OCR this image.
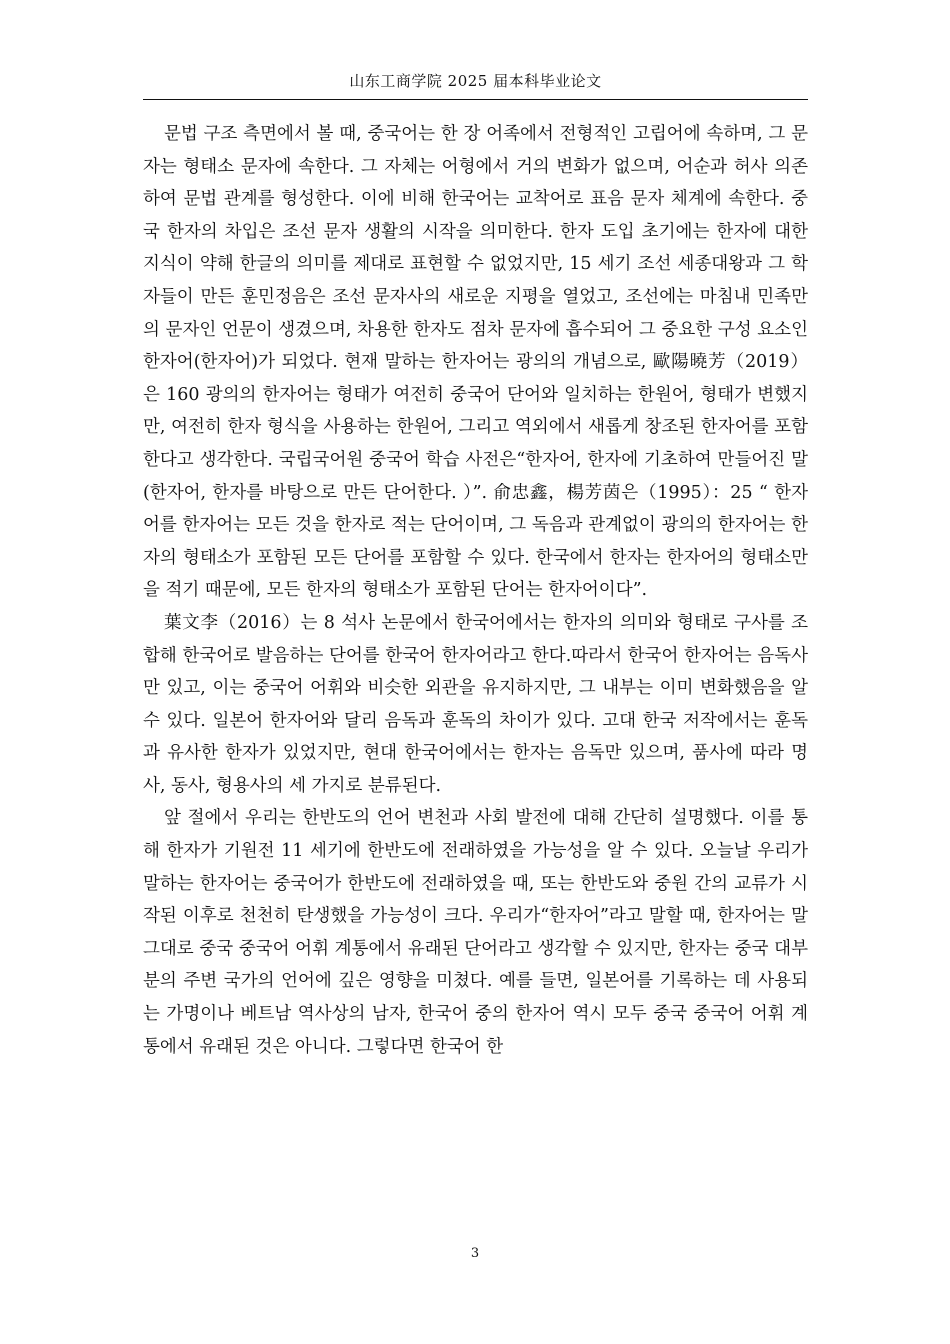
山东工商学院 2025 届本科毕业论文

문법 구조 측면에서 볼 때, 중국어는 한 장 어족에서 전형적인 고립어에 속하며, 그 문자는 형태소 문자에 속한다. 그 자체는 어형에서 거의 변화가 없으며, 어순과 허사 의존하여 문법 관계를 형성한다. 이에 비해 한국어는 교착어로 표음 문자 체계에 속한다. 중국 한자의 차입은 조선 문자 생활의 시작을 의미한다. 한자 도입 초기에는 한자에 대한 지식이 약해 한글의 의미를 제대로 표현할 수 없었지만, 15 세기 조선 세종대왕과 그 학자들이 만든 훈민정음은 조선 문자사의 새로운 지평을 열었고, 조선에는 마침내 민족만의 문자인 언문이 생겼으며, 차용한 한자도 점차 문자에 흡수되어 그 중요한 구성 요소인 한자어(한자어)가 되었다. 현재 말하는 한자어는 광의의 개념으로, 歐陽曉芳（2019）은 160 광의의 한자어는 형태가 여전히 중국어 단어와 일치하는 한원어, 형태가 변했지만, 여전히 한자 형식을 사용하는 한원어, 그리고 역외에서 새롭게 창조된 한자어를 포함한다고 생각한다. 국립국어원 중국어 학습 사전은“한자어, 한자에 기초하여 만들어진 말(한자어, 한자를 바탕으로 만든 단어한다. ）”. 俞忠鑫，楊芳茵은（1995）：25 “ 한자어를 한자어는 모든 것을 한자로 적는 단어이며, 그 독음과 관계없이 광의의 한자어는 한자의 형태소가 포함된 모든 단어를 포함할 수 있다. 한국에서 한자는 한자어의 형태소만을 적기 때문에, 모든 한자의 형태소가 포함된 단어는 한자어이다”.

葉文李（2016）는 8 석사 논문에서 한국어에서는 한자의 의미와 형태로 구사를 조합해 한국어로 발음하는 단어를 한국어 한자어라고 한다.따라서 한국어 한자어는 음독사만 있고, 이는 중국어 어휘와 비슷한 외관을 유지하지만, 그 내부는 이미 변화했음을 알 수 있다. 일본어 한자어와 달리 음독과 훈독의 차이가 있다. 고대 한국 저작에서는 훈독과 유사한 한자가 있었지만, 현대 한국어에서는 한자는 음독만 있으며, 품사에 따라 명사, 동사, 형용사의 세 가지로 분류된다.

앞 절에서 우리는 한반도의 언어 변천과 사회 발전에 대해 간단히 설명했다. 이를 통해 한자가 기원전 11 세기에 한반도에 전래하였을 가능성을 알 수 있다. 오늘날 우리가 말하는 한자어는 중국어가 한반도에 전래하였을 때, 또는 한반도와 중원 간의 교류가 시작된 이후로 천천히 탄생했을 가능성이 크다. 우리가“한자어”라고 말할 때, 한자어는 말 그대로 중국 중국어 어휘 계통에서 유래된 단어라고 생각할 수 있지만, 한자는 중국 대부분의 주변 국가의 언어에 깊은 영향을 미쳤다. 예를 들면, 일본어를 기록하는 데 사용되는 가명이나 베트남 역사상의 남자, 한국어 중의 한자어 역시 모두 중국 중국어 어휘 계통에서 유래된 것은 아니다. 그렇다면 한국어 한

3
